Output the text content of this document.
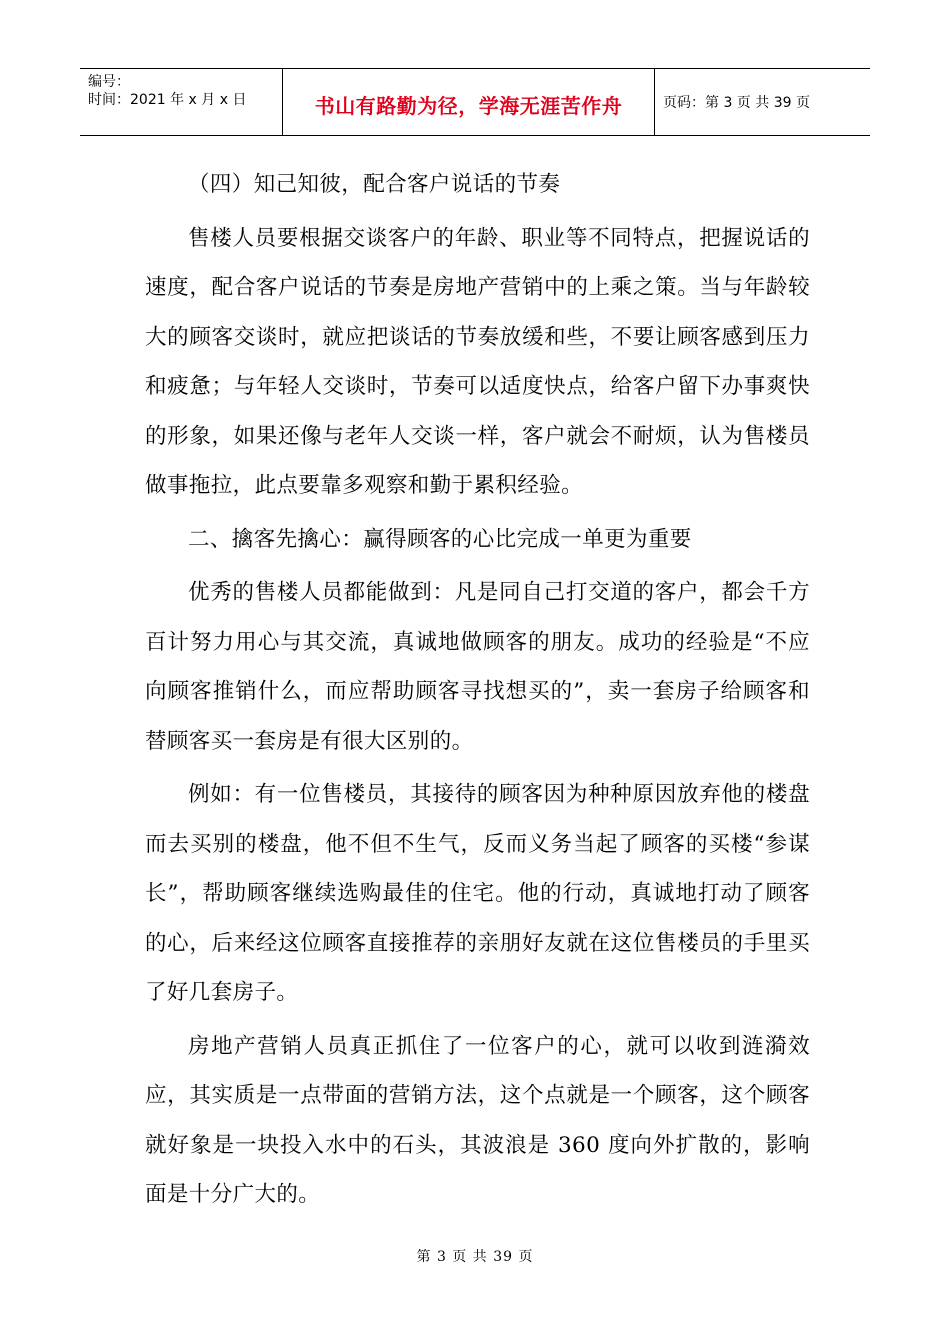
编号：
时间：2021 年 x 月 x 日	书山有路勤为径，学海无涯苦作舟	页码：第 3 页 共 39 页

（四）知己知彼，配合客户说话的节奏

售楼人员要根据交谈客户的年龄、职业等不同特点，把握说话的速度，配合客户说话的节奏是房地产营销中的上乘之策。当与年龄较大的顾客交谈时，就应把谈话的节奏放缓和些，不要让顾客感到压力和疲惫；与年轻人交谈时，节奏可以适度快点，给客户留下办事爽快的形象，如果还像与老年人交谈一样，客户就会不耐烦，认为售楼员做事拖拉，此点要靠多观察和勤于累积经验。

二、擒客先擒心：赢得顾客的心比完成一单更为重要

优秀的售楼人员都能做到：凡是同自己打交道的客户，都会千方百计努力用心与其交流，真诚地做顾客的朋友。成功的经验是“不应向顾客推销什么，而应帮助顾客寻找想买的”，卖一套房子给顾客和替顾客买一套房是有很大区别的。

例如：有一位售楼员，其接待的顾客因为种种原因放弃他的楼盘而去买别的楼盘，他不但不生气，反而义务当起了顾客的买楼“参谋长”，帮助顾客继续选购最佳的住宅。他的行动，真诚地打动了顾客的心，后来经这位顾客直接推荐的亲朋好友就在这位售楼员的手里买了好几套房子。

房地产营销人员真正抓住了一位客户的心，就可以收到涟漪效应，其实质是一点带面的营销方法，这个点就是一个顾客，这个顾客就好象是一块投入水中的石头，其波浪是 360 度向外扩散的，影响面是十分广大的。

第 3 页 共 39 页
